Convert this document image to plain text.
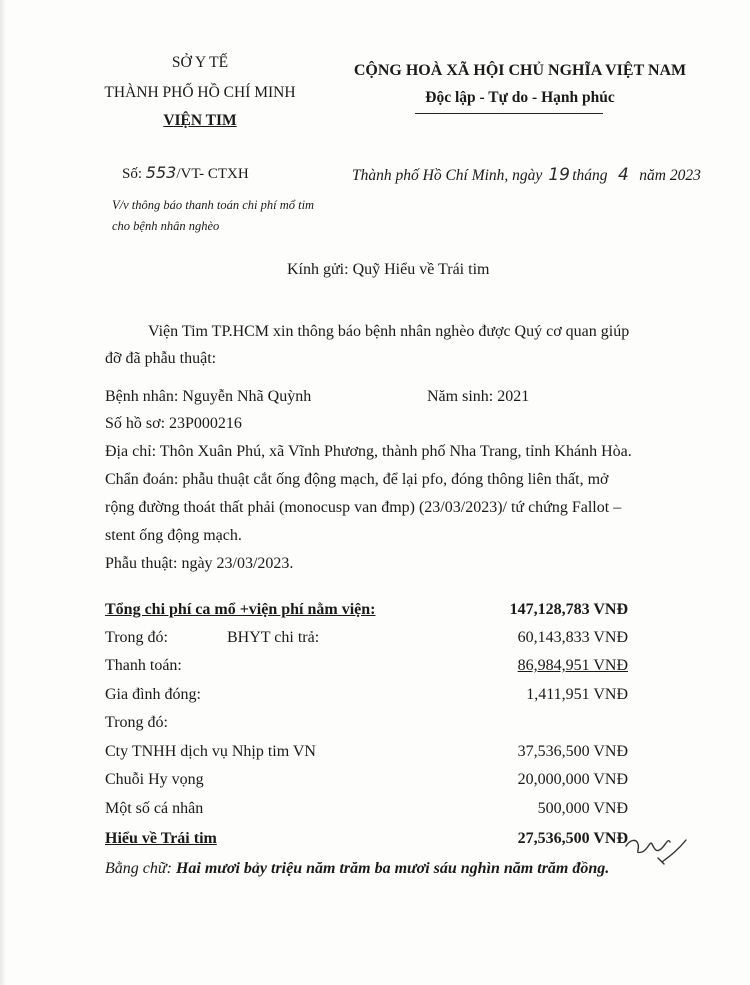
SỞ Y TẾ
THÀNH PHỐ HỒ CHÍ MINH
VIỆN TIM
CỘNG HOÀ XÃ HỘI CHỦ NGHĨA VIỆT NAM
Độc lập - Tự do - Hạnh phúc
Số: 553/VT- CTXH
V/v thông báo thanh toán chi phí mổ tim
cho bệnh nhân nghèo
Thành phố Hồ Chí Minh, ngày 19 tháng 4 năm 2023
Kính gửi: Quỹ Hiểu về Trái tim
Viện Tim TP.HCM xin thông báo bệnh nhân nghèo được Quý cơ quan giúp
đỡ đã phẫu thuật:
Bệnh nhân: Nguyễn Nhã Quỳnh	Năm sinh: 2021
Số hồ sơ: 23P000216
Địa chỉ: Thôn Xuân Phú, xã Vĩnh Phương, thành phố Nha Trang, tỉnh Khánh Hòa.
Chẩn đoán: phẫu thuật cắt ống động mạch, để lại pfo, đóng thông liên thất, mở
rộng đường thoát thất phải (monocusp van đmp) (23/03/2023)/ tứ chứng Fallot –
stent ống động mạch.
Phẫu thuật: ngày 23/03/2023.
Tổng chi phí ca mổ +viện phí nằm viện:	147,128,783 VNĐ
Trong đó:	BHYT chi trả:	60,143,833 VNĐ
Thanh toán:	86,984,951 VNĐ
Gia đình đóng:	1,411,951 VNĐ
Trong đó:
Cty TNHH dịch vụ Nhịp tim VN	37,536,500 VNĐ
Chuỗi Hy vọng	20,000,000 VNĐ
Một số cá nhân	500,000 VNĐ
Hiểu về Trái tim	27,536,500 VNĐ
Bằng chữ: Hai mươi bảy triệu năm trăm ba mươi sáu nghìn năm trăm đồng.
